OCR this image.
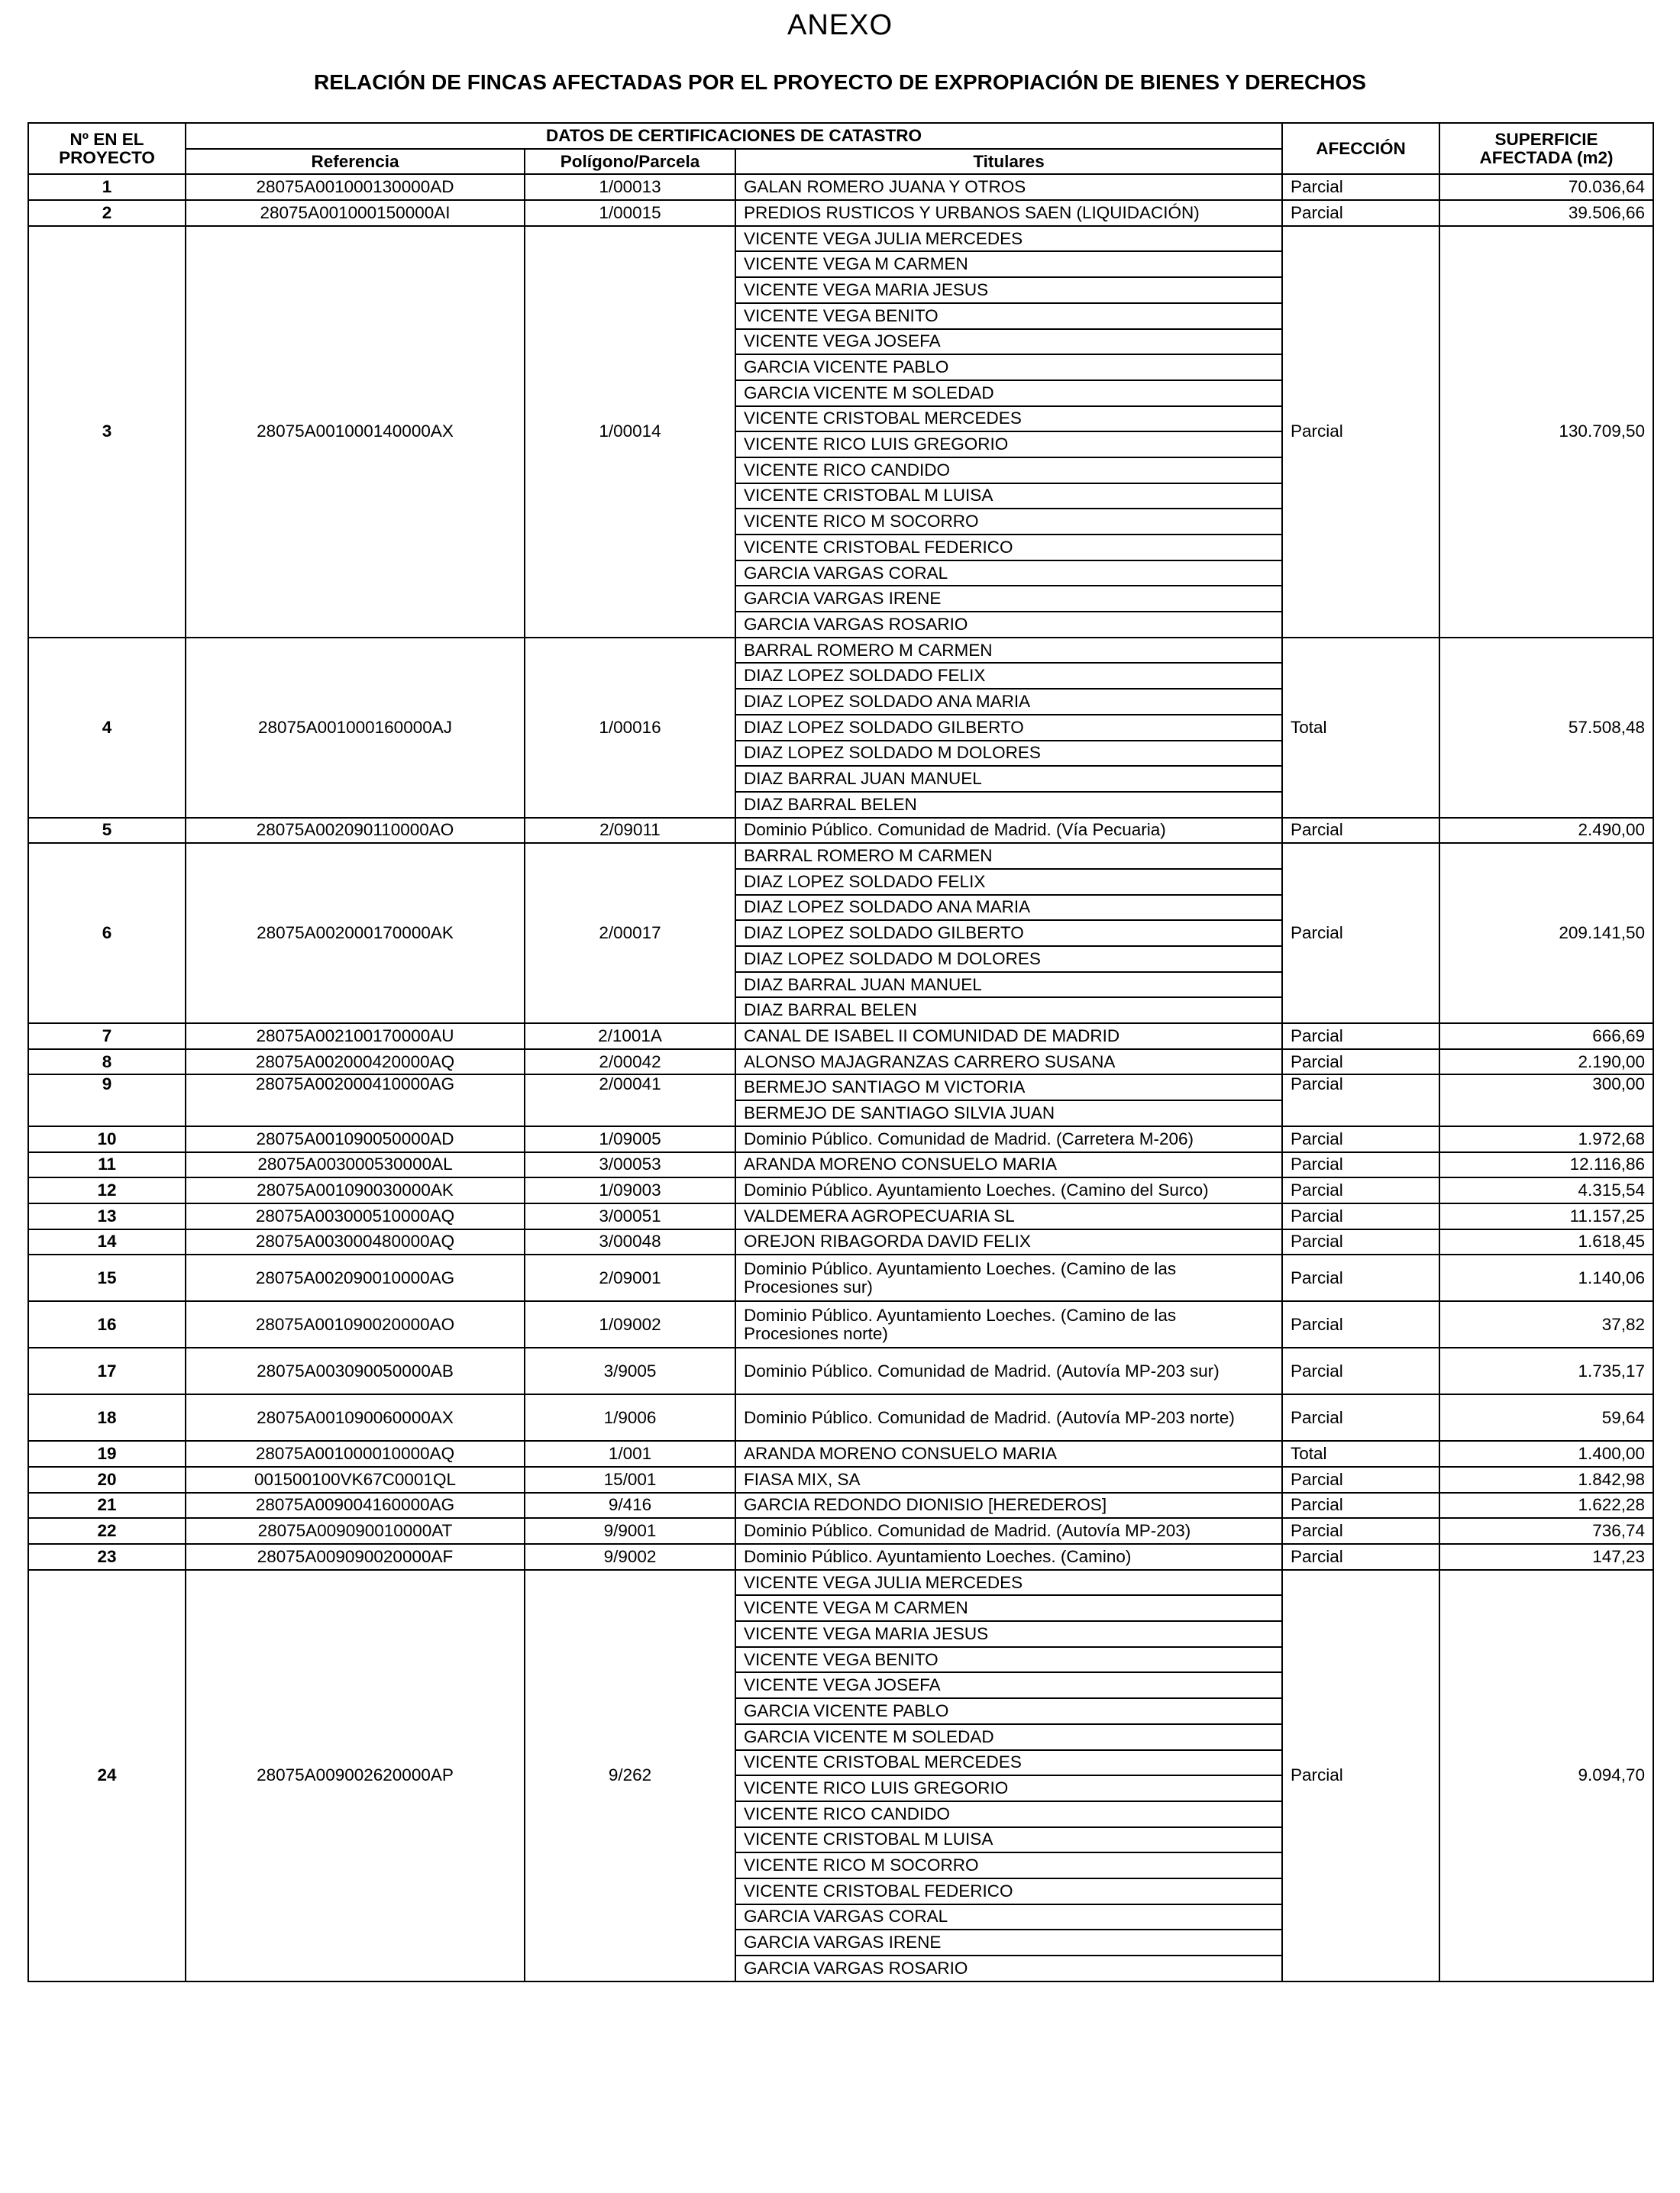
ANEXO
RELACIÓN DE FINCAS AFECTADAS POR EL PROYECTO DE EXPROPIACIÓN DE BIENES Y DERECHOS
Nº EN EL PROYECTO	DATOS DE CERTIFICACIONES DE CATASTRO			AFECCIÓN	SUPERFICIE AFECTADA (m2)
	Referencia	Polígono/Parcela	Titulares		
1	28075A001000130000AD	1/00013	GALAN ROMERO JUANA Y OTROS	Parcial	70.036,64
2	28075A001000150000AI	1/00015	PREDIOS RUSTICOS Y URBANOS SAEN (LIQUIDACIÓN)	Parcial	39.506,66
3	28075A001000140000AX	1/00014	VICENTE VEGA JULIA MERCEDES	Parcial	130.709,50
			VICENTE VEGA M CARMEN		
			VICENTE VEGA MARIA JESUS		
			VICENTE VEGA BENITO		
			VICENTE VEGA JOSEFA		
			GARCIA VICENTE PABLO		
			GARCIA VICENTE M SOLEDAD		
			VICENTE CRISTOBAL MERCEDES		
			VICENTE RICO LUIS GREGORIO		
			VICENTE RICO CANDIDO		
			VICENTE CRISTOBAL M LUISA		
			VICENTE RICO M SOCORRO		
			VICENTE CRISTOBAL FEDERICO		
			GARCIA VARGAS CORAL		
			GARCIA VARGAS IRENE		
			GARCIA VARGAS ROSARIO		
4	28075A001000160000AJ	1/00016	BARRAL ROMERO M CARMEN	Total	57.508,48
			DIAZ LOPEZ SOLDADO FELIX		
			DIAZ LOPEZ SOLDADO ANA MARIA		
			DIAZ LOPEZ SOLDADO GILBERTO		
			DIAZ LOPEZ SOLDADO M DOLORES		
			DIAZ BARRAL JUAN MANUEL		
			DIAZ BARRAL BELEN		
5	28075A002090110000AO	2/09011	Dominio Público. Comunidad de Madrid. (Vía Pecuaria)	Parcial	2.490,00
6	28075A002000170000AK	2/00017	BARRAL ROMERO M CARMEN	Parcial	209.141,50
			DIAZ LOPEZ SOLDADO FELIX		
			DIAZ LOPEZ SOLDADO ANA MARIA		
			DIAZ LOPEZ SOLDADO GILBERTO		
			DIAZ LOPEZ SOLDADO M DOLORES		
			DIAZ BARRAL JUAN MANUEL		
			DIAZ BARRAL BELEN		
7	28075A002100170000AU	2/1001A	CANAL DE ISABEL II COMUNIDAD DE MADRID	Parcial	666,69
8	28075A002000420000AQ	2/00042	ALONSO MAJAGRANZAS CARRERO SUSANA	Parcial	2.190,00
9	28075A002000410000AG	2/00041	BERMEJO SANTIAGO M VICTORIA	Parcial	300,00
			BERMEJO DE SANTIAGO SILVIA JUAN		
10	28075A001090050000AD	1/09005	Dominio Público. Comunidad de Madrid. (Carretera M-206)	Parcial	1.972,68
11	28075A003000530000AL	3/00053	ARANDA MORENO CONSUELO MARIA	Parcial	12.116,86
12	28075A001090030000AK	1/09003	Dominio Público. Ayuntamiento Loeches. (Camino del Surco)	Parcial	4.315,54
13	28075A003000510000AQ	3/00051	VALDEMERA AGROPECUARIA SL	Parcial	11.157,25
14	28075A003000480000AQ	3/00048	OREJON RIBAGORDA DAVID FELIX	Parcial	1.618,45
15	28075A002090010000AG	2/09001	Dominio Público. Ayuntamiento Loeches. (Camino de las Procesiones sur)	Parcial	1.140,06
16	28075A001090020000AO	1/09002	Dominio Público. Ayuntamiento Loeches. (Camino de las Procesiones norte)	Parcial	37,82
17	28075A003090050000AB	3/9005	Dominio Público. Comunidad de Madrid. (Autovía MP-203 sur)	Parcial	1.735,17
18	28075A001090060000AX	1/9006	Dominio Público. Comunidad de Madrid. (Autovía MP-203 norte)	Parcial	59,64
19	28075A001000010000AQ	1/001	ARANDA MORENO CONSUELO MARIA	Total	1.400,00
20	001500100VK67C0001QL	15/001	FIASA MIX, SA	Parcial	1.842,98
21	28075A009004160000AG	9/416	GARCIA REDONDO DIONISIO [HEREDEROS]	Parcial	1.622,28
22	28075A009090010000AT	9/9001	Dominio Público. Comunidad de Madrid. (Autovía MP-203)	Parcial	736,74
23	28075A009090020000AF	9/9002	Dominio Público. Ayuntamiento Loeches. (Camino)	Parcial	147,23
24	28075A009002620000AP	9/262	VICENTE VEGA JULIA MERCEDES	Parcial	9.094,70
			VICENTE VEGA M CARMEN		
			VICENTE VEGA MARIA JESUS		
			VICENTE VEGA BENITO		
			VICENTE VEGA JOSEFA		
			GARCIA VICENTE PABLO		
			GARCIA VICENTE M SOLEDAD		
			VICENTE CRISTOBAL MERCEDES		
			VICENTE RICO LUIS GREGORIO		
			VICENTE RICO CANDIDO		
			VICENTE CRISTOBAL M LUISA		
			VICENTE RICO M SOCORRO		
			VICENTE CRISTOBAL FEDERICO		
			GARCIA VARGAS CORAL		
			GARCIA VARGAS IRENE		
			GARCIA VARGAS ROSARIO		
